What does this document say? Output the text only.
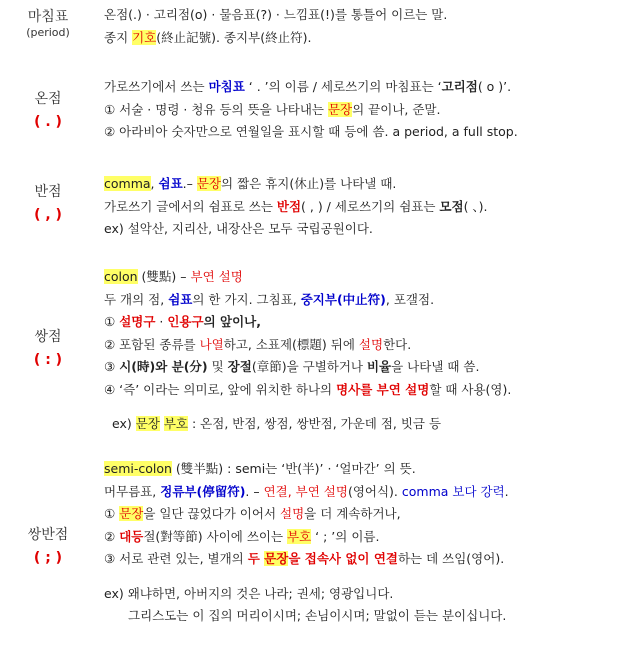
마침표
(period)
온점(.) · 고리점(o) · 물음표(?) · 느낌표(!)를 통틀어 이르는 말.
종지 기호(終止記號). 종지부(終止符).
온점
( . )
가로쓰기에서 쓰는 마침표 ‘ . ’의 이름 / 세로쓰기의 마침표는 ‘고리점( o )’.
① 서술 · 명령 · 청유 등의 뜻을 나타내는 문장의 끝이나, 준말.
② 아라비아 숫자만으로 연월일을 표시할 때 등에 씀. a period, a full stop.
반점
( , )
comma, 쉼표.– 문장의 짧은 휴지(休止)를 나타낼 때.
가로쓰기 글에서의 쉼표로 쓰는 반점( , ) / 세로쓰기의 쉼표는 모점( 、).
ex) 설악산, 지리산, 내장산은 모두 국립공원이다.
쌍점
( : )
colon (雙點) – 부연 설명
두 개의 점, 쉼표의 한 가지. 그침표, 중지부(中止符), 포갤점.
① 설명구 · 인용구의 앞이나,
② 포함된 종류를 나열하고, 소표제(標題) 뒤에 설명한다.
③ 시(時)와 분(分) 및 장절(章節)을 구별하거나 비율을 나타낼 때 씀.
④ ‘즉’ 이라는 의미로, 앞에 위치한 하나의 명사를 부연 설명할 때 사용(영).
ex) 문장 부호 : 온점, 반점, 쌍점, 쌍반점, 가운데 점, 빗금 등
쌍반점
( ; )
semi-colon (雙半點) : semi는 ‘반(半)’ · ‘얼마간’ 의 뜻.
머무름표, 정류부(停留符). – 연결, 부연 설명(영어식). comma 보다 강력.
① 문장을 일단 끊었다가 이어서 설명을 더 계속하거나,
② 대등절(對等節) 사이에 쓰이는 부호 ‘ ; ’의 이름.
③ 서로 관련 있는, 별개의 두 문장을 접속사 없이 연결하는 데 쓰임(영어).
ex) 왜냐하면, 아버지의 것은 나라; 권세; 영광입니다.
그리스도는 이 집의 머리이시며; 손님이시며; 말없이 듣는 분이십니다.
